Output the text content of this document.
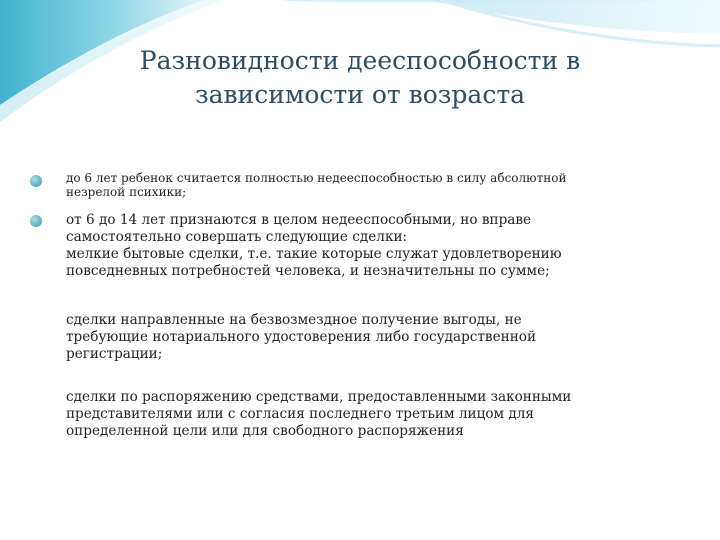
Разновидности дееспособности в
зависимости от возраста
до 6 лет ребенок считается полностью недееспособностью в силу абсолютной
незрелой психики;
от 6 до 14 лет признаются в целом недееспособными, но вправе
самостоятельно совершать следующие сделки:
мелкие бытовые сделки, т.е. такие которые служат удовлетворению
повседневных потребностей человека, и незначительны по сумме;
сделки направленные на безвозмездное получение выгоды, не
требующие нотариального удостоверения либо государственной
регистрации;
сделки по распоряжению средствами, предоставленными законными
представителями или с согласия последнего третьим лицом для
определенной цели или для свободного распоряжения
